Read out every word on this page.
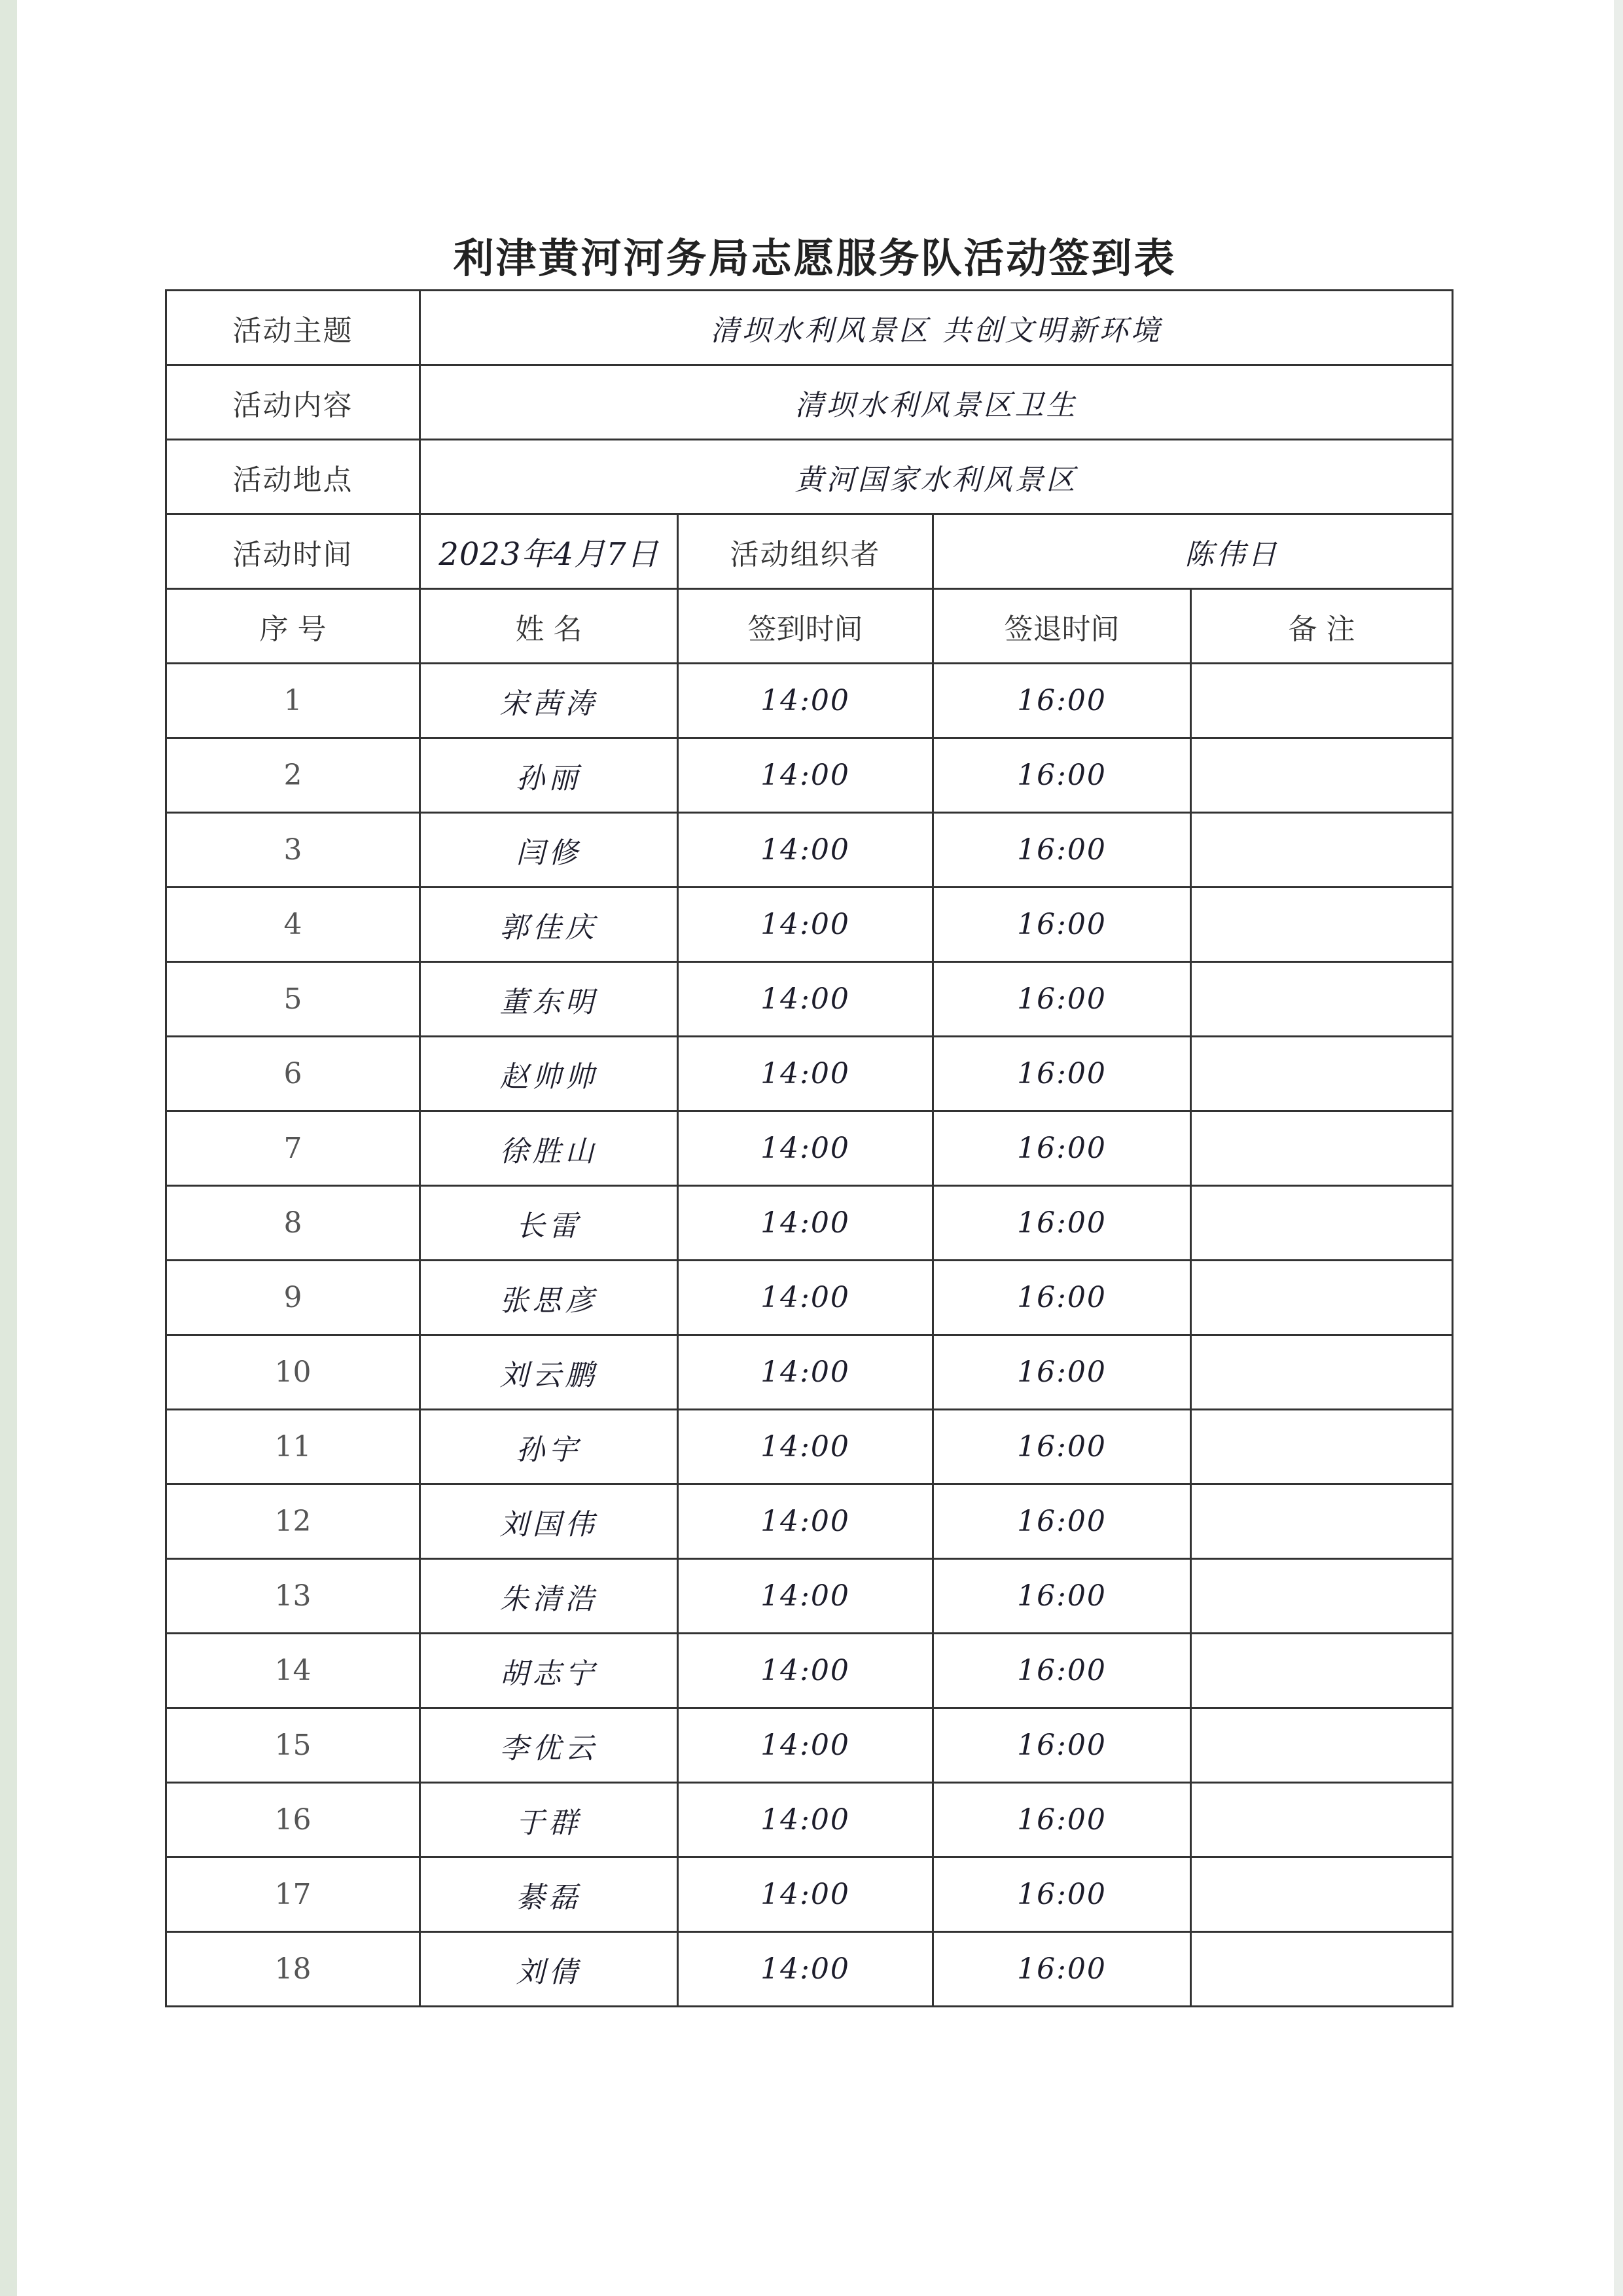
利津黄河河务局志愿服务队活动签到表
活动主题	清坝水利风景区 共创文明新环境			
活动内容	清坝水利风景区卫生			
活动地点	黄河国家水利风景区			
活动时间	2023年4月7日	活动组织者	陈伟日	
序 号	姓 名	签到时间	签退时间	备 注
1	宋茜涛	14:00	16:00	
2	孙丽	14:00	16:00	
3	闫修	14:00	16:00	
4	郭佳庆	14:00	16:00	
5	董东明	14:00	16:00	
6	赵帅帅	14:00	16:00	
7	徐胜山	14:00	16:00	
8	长雷	14:00	16:00	
9	张思彦	14:00	16:00	
10	刘云鹏	14:00	16:00	
11	孙宇	14:00	16:00	
12	刘国伟	14:00	16:00	
13	朱清浩	14:00	16:00	
14	胡志宁	14:00	16:00	
15	李优云	14:00	16:00	
16	于群	14:00	16:00	
17	綦磊	14:00	16:00	
18	刘倩	14:00	16:00	
